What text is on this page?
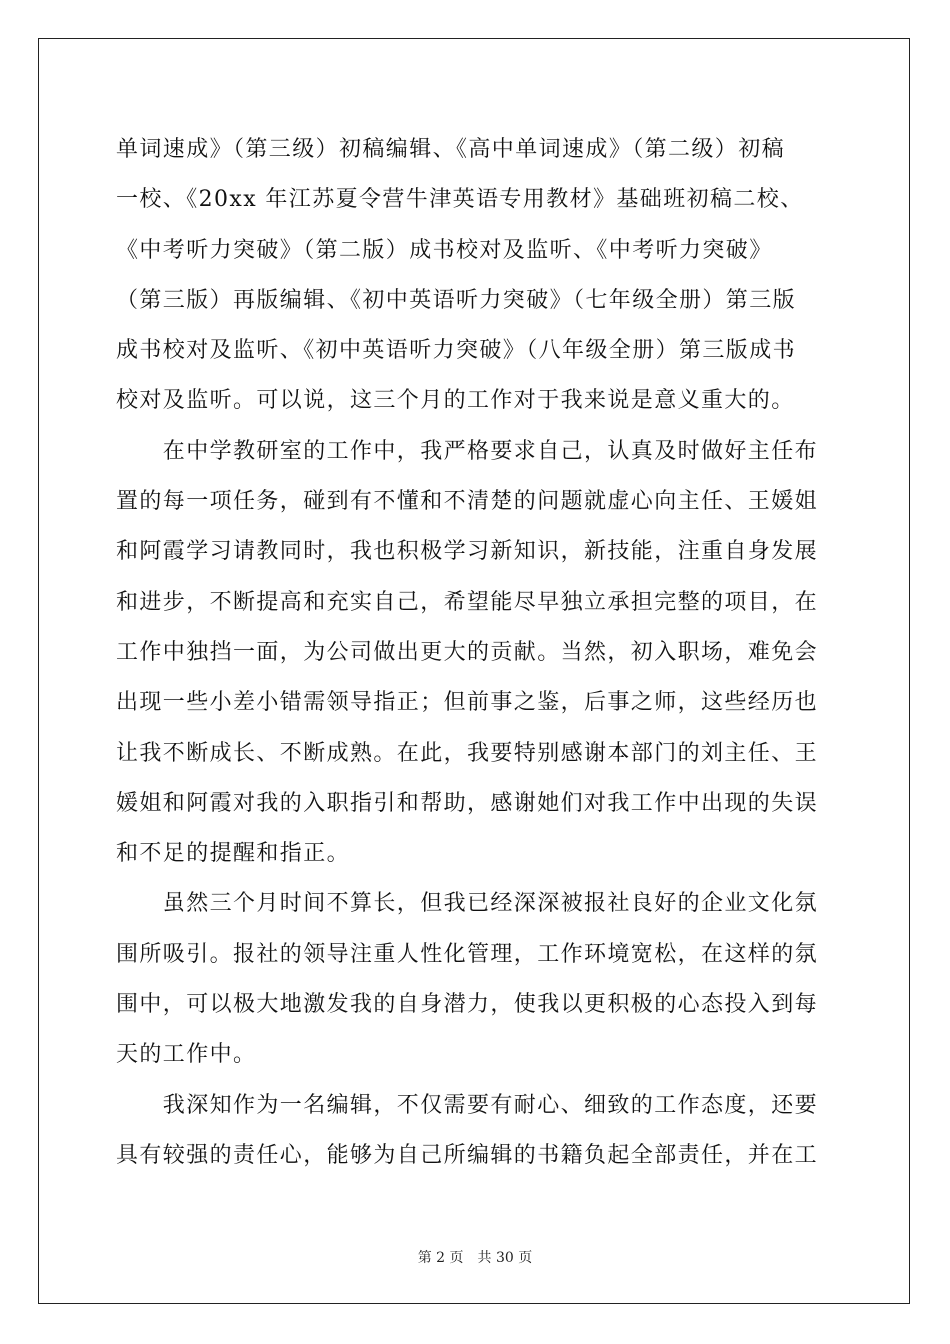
单词速成》（第三级）初稿编辑、《高中单词速成》（第二级）初稿
一校、《20xx 年江苏夏令营牛津英语专用教材》基础班初稿二校、
《中考听力突破》（第二版）成书校对及监听、《中考听力突破》
（第三版）再版编辑、《初中英语听力突破》（七年级全册）第三版
成书校对及监听、《初中英语听力突破》（八年级全册）第三版成书
校对及监听。可以说，这三个月的工作对于我来说是意义重大的。
　　在中学教研室的工作中，我严格要求自己，认真及时做好主任布
置的每一项任务，碰到有不懂和不清楚的问题就虚心向主任、王媛姐
和阿霞学习请教同时，我也积极学习新知识，新技能，注重自身发展
和进步，不断提高和充实自己，希望能尽早独立承担完整的项目，在
工作中独挡一面，为公司做出更大的贡献。当然，初入职场，难免会
出现一些小差小错需领导指正；但前事之鉴，后事之师，这些经历也
让我不断成长、不断成熟。在此，我要特别感谢本部门的刘主任、王
媛姐和阿霞对我的入职指引和帮助，感谢她们对我工作中出现的失误
和不足的提醒和指正。
　　虽然三个月时间不算长，但我已经深深被报社良好的企业文化氛
围所吸引。报社的领导注重人性化管理，工作环境宽松，在这样的氛
围中，可以极大地激发我的自身潜力，使我以更积极的心态投入到每
天的工作中。
　　我深知作为一名编辑，不仅需要有耐心、细致的工作态度，还要
具有较强的责任心，能够为自己所编辑的书籍负起全部责任，并在工
第 2 页　共 30 页
